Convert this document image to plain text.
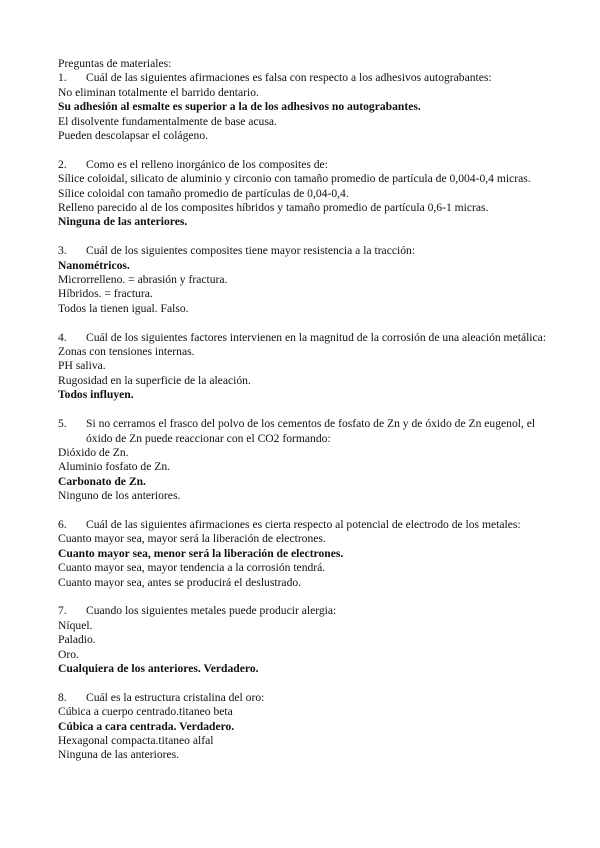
Preguntas de materiales:
1.	Cuál de las siguientes afirmaciones es falsa con respecto a los adhesivos autograbantes:
No eliminan totalmente el barrido dentario.
Su adhesión al esmalte es superior a la de los adhesivos no autograbantes.
El disolvente fundamentalmente de base acusa.
Pueden descolapsar el colágeno.
2.	Como es el relleno inorgánico de los composites de:
Sílice coloidal, silicato de aluminio y circonio con tamaño promedio de partícula de 0,004-0,4 micras.
Sílice coloidal con tamaño promedio de partículas de 0,04-0,4.
Relleno parecido al de los composites híbridos y tamaño promedio de partícula 0,6-1 micras.
Ninguna de las anteriores.
3.	Cuál de los siguientes composites tiene mayor resistencia a la tracción:
Nanométricos.
Microrrelleno. = abrasión y fractura.
Híbridos. = fractura.
Todos la tienen igual. Falso.
4.	Cuál de los siguientes factores intervienen en la magnitud de la corrosión de una aleación metálica:
Zonas con tensiones internas.
PH saliva.
Rugosidad en la superficie de la aleación.
Todos influyen.
5.	Si no cerramos el frasco del polvo de los cementos de fosfato de Zn y de óxido de Zn eugenol, el óxido de Zn puede reaccionar con el CO2 formando:
Dióxido de Zn.
Aluminio fosfato de Zn.
Carbonato de Zn.
Ninguno de los anteriores.
6.	Cuál de las siguientes afirmaciones es cierta respecto al potencial de electrodo de los metales:
Cuanto mayor sea, mayor será la liberación de electrones.
Cuanto mayor sea, menor será la liberación de electrones.
Cuanto mayor sea, mayor tendencia a la corrosión tendrá.
Cuanto mayor sea, antes se producirá el deslustrado.
7.	Cuando los siguientes metales puede producir alergia:
Níquel.
Paladio.
Oro.
Cualquiera de los anteriores. Verdadero.
8.	Cuál es la estructura cristalina del oro:
Cúbica a cuerpo centrado.titaneo beta
Cúbica a cara centrada. Verdadero.
Hexagonal compacta.titaneo alfal
Ninguna de las anteriores.
